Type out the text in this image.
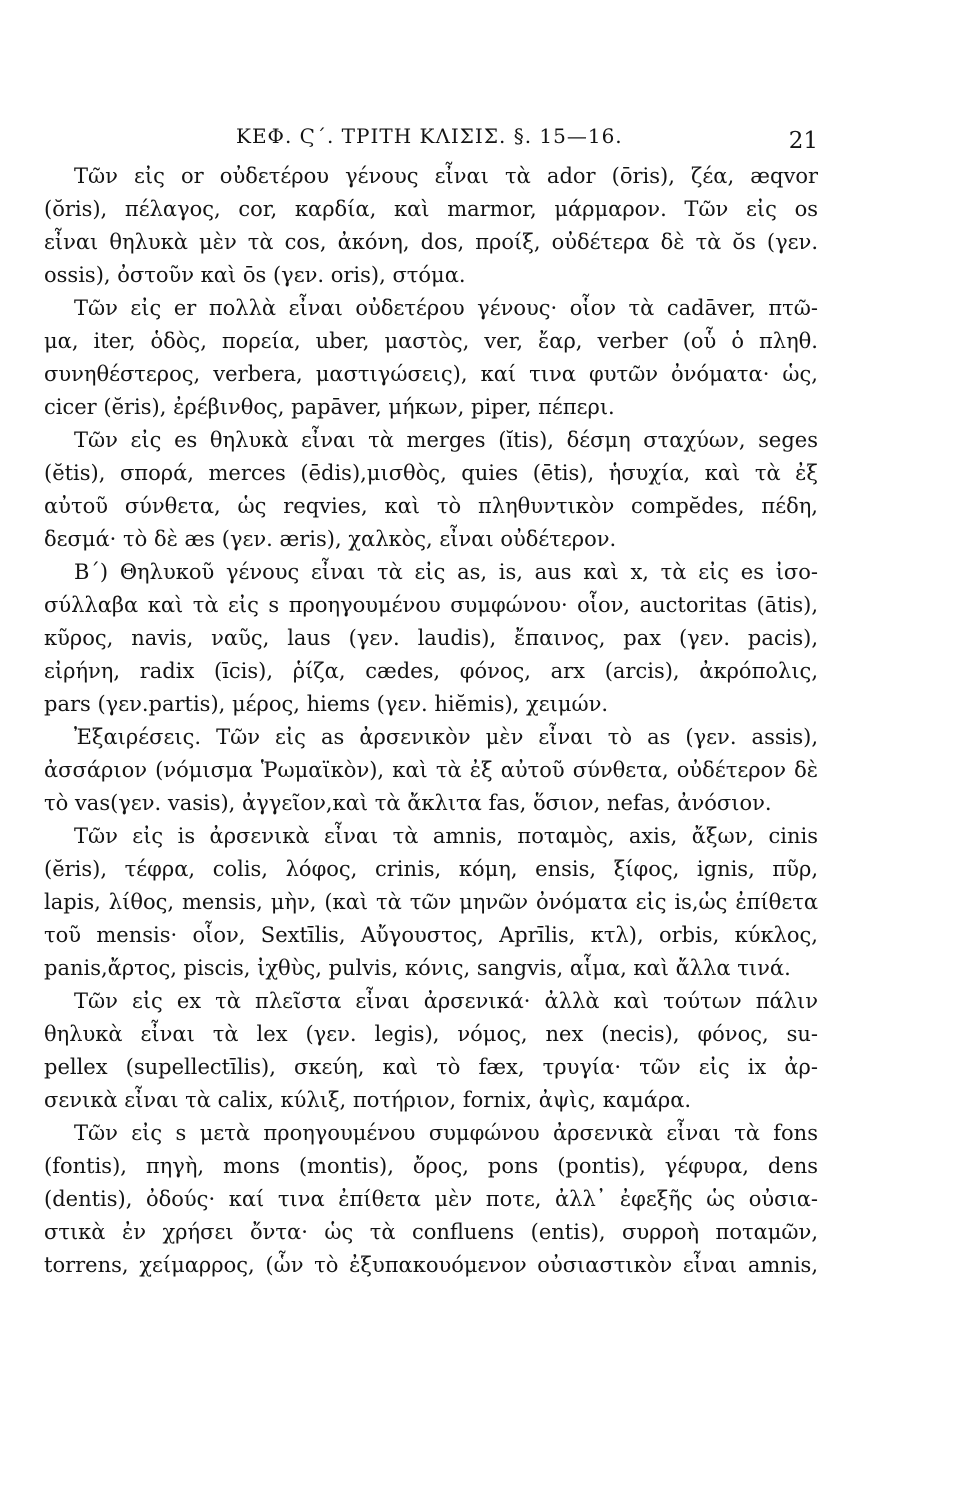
ΚΕΦ. Ϛ΄. ΤΡΙΤΗ ΚΛΙΣΙΣ. §. 15—16.	21
Τῶν εἰς or οὐδετέρου γένους εἶναι τὰ ador (ōris), ζέα, æqvor
(ŏris), πέλαγος, cor, καρδία, καὶ marmor, μάρμαρον. Τῶν εἰς os
εἶναι θηλυκὰ μὲν τὰ cos, ἀκόνη, dos, προίξ, οὐδέτερα δὲ τὰ ŏs (γεν.
ossis), ὀστοῦν καὶ ōs (γεν. oris), στόμα.
Τῶν εἰς er πολλὰ εἶναι οὐδετέρου γένους· οἷον τὰ cadāver, πτῶ-
μα, iter, ὁδὸς, πορεία, uber, μαστὸς, ver, ἔαρ, verber (οὗ ὁ πληθ.
συνηθέστερος, verbera, μαστιγώσεις), καί τινα φυτῶν ὀνόματα· ὡς,
cicer (ĕris), ἐρέβινθος, papāver, μήκων, piper, πέπερι.
Τῶν εἰς es θηλυκὰ εἶναι τὰ merges (ĭtis), δέσμη σταχύων, seges
(ĕtis), σπορά, merces (ēdis),μισθὸς, quies (ētis), ἡσυχία, καὶ τὰ ἐξ
αὐτοῦ σύνθετα, ὡς reqvies, καὶ τὸ πληθυντικὸν compĕdes, πέδη,
δεσμά· τὸ δὲ æs (γεν. æris), χαλκὸς, εἶναι οὐδέτερον.
Β΄) Θηλυκοῦ γένους εἶναι τὰ εἰς as, is, aus καὶ x, τὰ εἰς es ἰσο-
σύλλαβα καὶ τὰ εἰς s προηγουμένου συμφώνου· οἷον, auctoritas (ātis),
κῦρος, navis, ναῦς, laus (γεν. laudis), ἔπαινος, pax (γεν. pacis),
εἰρήνη, radix (īcis), ῥίζα, cædes, φόνος, arx (arcis), ἀκρόπολις,
pars (γεν.partis), μέρος, hiems (γεν. hiĕmis), χειμών.
Ἐξαιρέσεις. Τῶν εἰς as ἀρσενικὸν μὲν εἶναι τὸ as (γεν. assis),
ἀσσάριον (νόμισμα Ῥωμαϊκὸν), καὶ τὰ ἐξ αὐτοῦ σύνθετα, οὐδέτερον δὲ
τὸ vas(γεν. vasis), ἀγγεῖον,καὶ τὰ ἄκλιτα fas, ὅσιον, nefas, ἀνόσιον.
Τῶν εἰς is ἀρσενικὰ εἶναι τὰ amnis, ποταμὸς, axis, ἄξων, cinis
(ĕris), τέφρα, colis, λόφος, crinis, κόμη, ensis, ξίφος, ignis, πῦρ,
lapis, λίθος, mensis, μὴν, (καὶ τὰ τῶν μηνῶν ὀνόματα εἰς is,ὡς ἐπίθετα
τοῦ mensis· οἷον, Sextīlis, Αὔγουστος, Aprīlis, κτλ), orbis, κύκλος,
panis,ἄρτος, piscis, ἰχθὺς, pulvis, κόνις, sangvis, αἷμα, καὶ ἄλλα τινά.
Τῶν εἰς ex τὰ πλεῖστα εἶναι ἀρσενικά· ἀλλὰ καὶ τούτων πάλιν
θηλυκὰ εἶναι τὰ lex (γεν. legis), νόμος, nex (necis), φόνος, su-
pellex (supellectīlis), σκεύη, καὶ τὸ fæx, τρυγία· τῶν εἰς ix ἀρ-
σενικὰ εἶναι τὰ calix, κύλιξ, ποτήριον, fornix, ἀψὶς, καμάρα.
Τῶν εἰς s μετὰ προηγουμένου συμφώνου ἀρσενικὰ εἶναι τὰ fons
(fontis), πηγὴ, mons (montis), ὄρος, pons (pontis), γέφυρα, dens
(dentis), ὀδούς· καί τινα ἐπίθετα μὲν ποτε, ἀλλ᾽ ἐφεξῆς ὡς οὐσια-
στικὰ ἐν χρήσει ὄντα· ὡς τὰ confluens (entis), συρροὴ ποταμῶν,
torrens, χείμαρρος, (ὧν τὸ ἐξυπακουόμενον οὐσιαστικὸν εἶναι amnis,
